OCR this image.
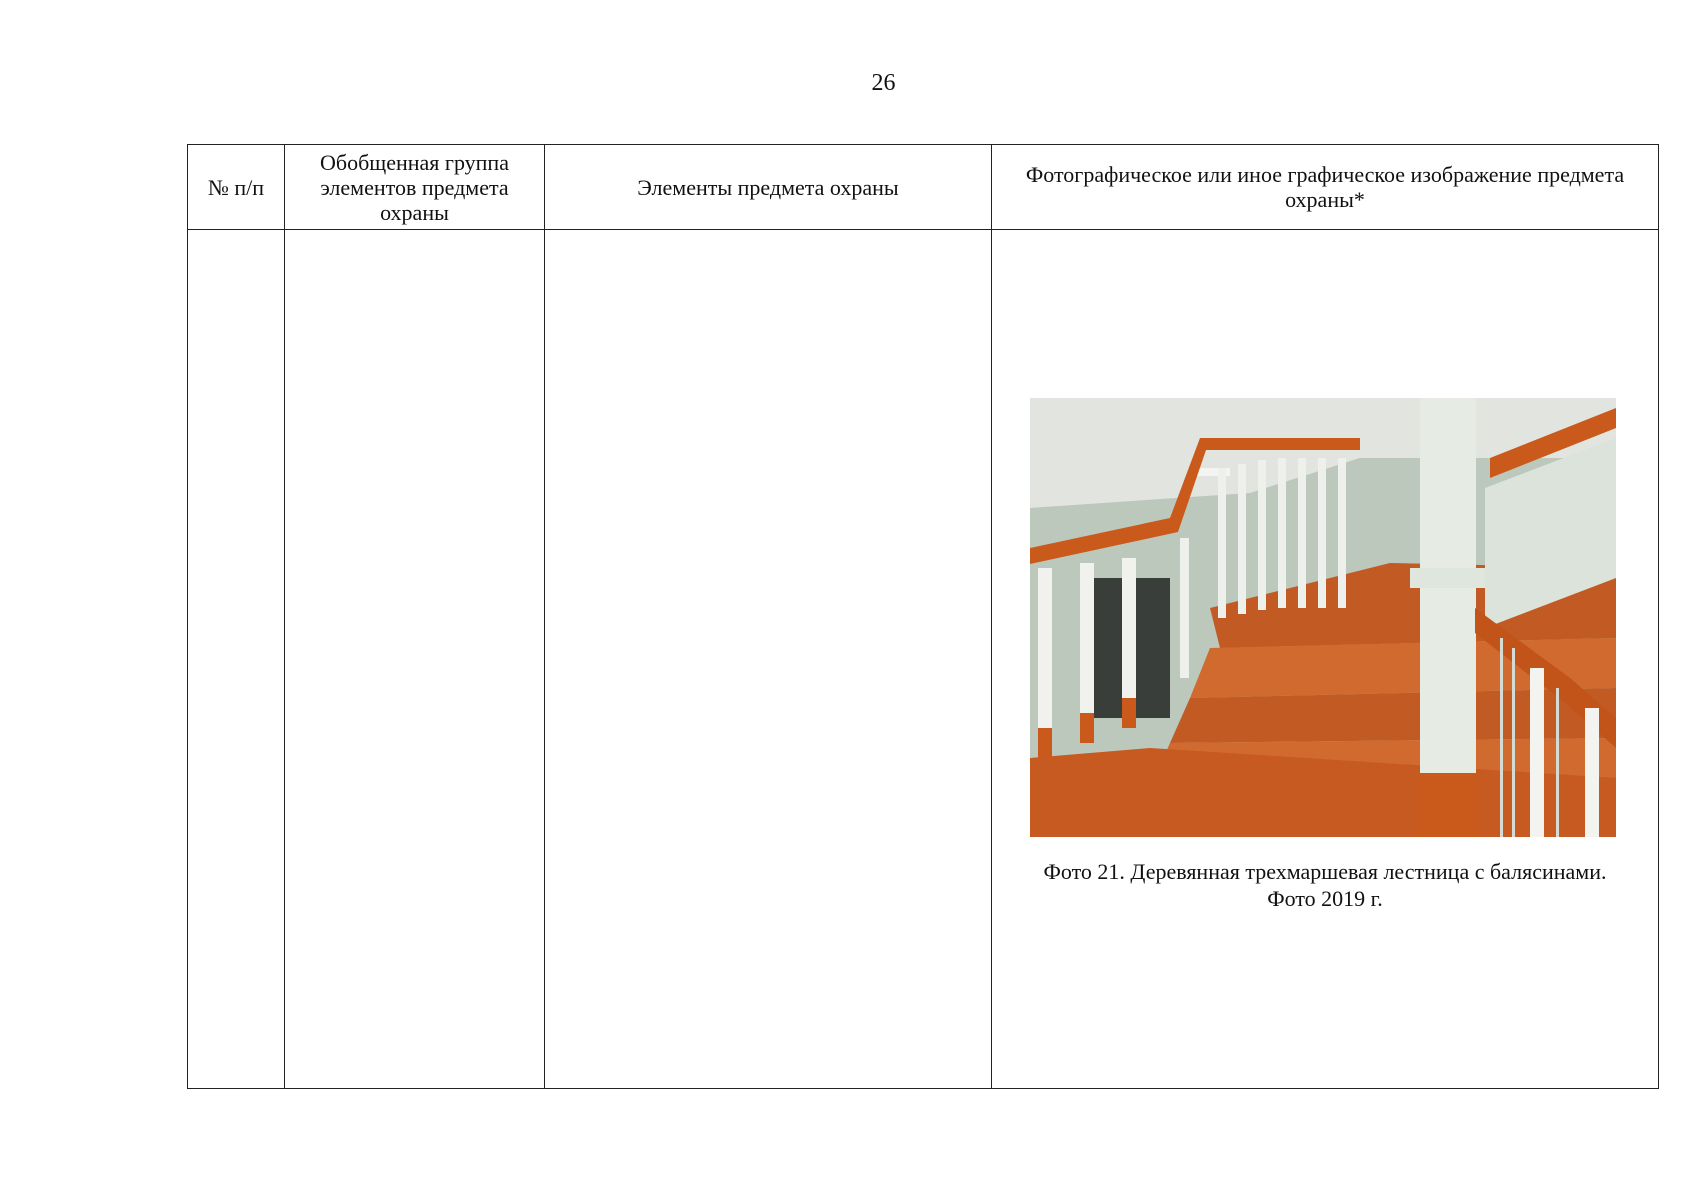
26
№ п/п	Обобщенная группа элементов предмета охраны	Элементы предмета охраны	Фотографическое или иное графическое изображение предмета охраны*

			Фото 21. Деревянная трехмаршевая лестница с балясинами.
Фото 2019 г.
